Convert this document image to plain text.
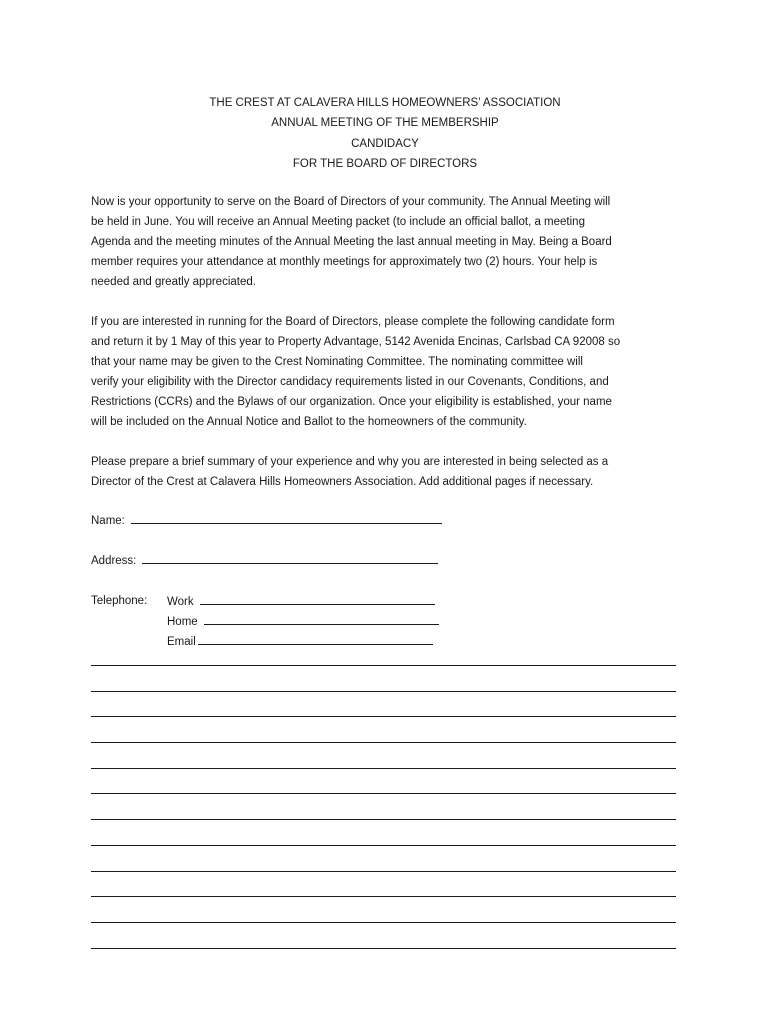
THE CREST AT CALAVERA HILLS HOMEOWNERS’ ASSOCIATION
ANNUAL MEETING OF THE MEMBERSHIP
CANDIDACY
FOR THE BOARD OF DIRECTORS

Now is your opportunity to serve on the Board of Directors of your community. The Annual Meeting will
be held in June. You will receive an Annual Meeting packet (to include an official ballot, a meeting
Agenda and the meeting minutes of the Annual Meeting the last annual meeting in May. Being a Board
member requires your attendance at monthly meetings for approximately two (2) hours. Your help is
needed and greatly appreciated.

If you are interested in running for the Board of Directors, please complete the following candidate form
and return it by 1 May of this year to Property Advantage, 5142 Avenida Encinas, Carlsbad CA 92008 so
that your name may be given to the Crest Nominating Committee. The nominating committee will
verify your eligibility with the Director candidacy requirements listed in our Covenants, Conditions, and
Restrictions (CCRs) and the Bylaws of our organization. Once your eligibility is established, your name
will be included on the Annual Notice and Ballot to the homeowners of the community.

Please prepare a brief summary of your experience and why you are interested in being selected as a
Director of the Crest at Calavera Hills Homeowners Association. Add additional pages if necessary.

Name:
Address:
Telephone: Work
Home
Email
